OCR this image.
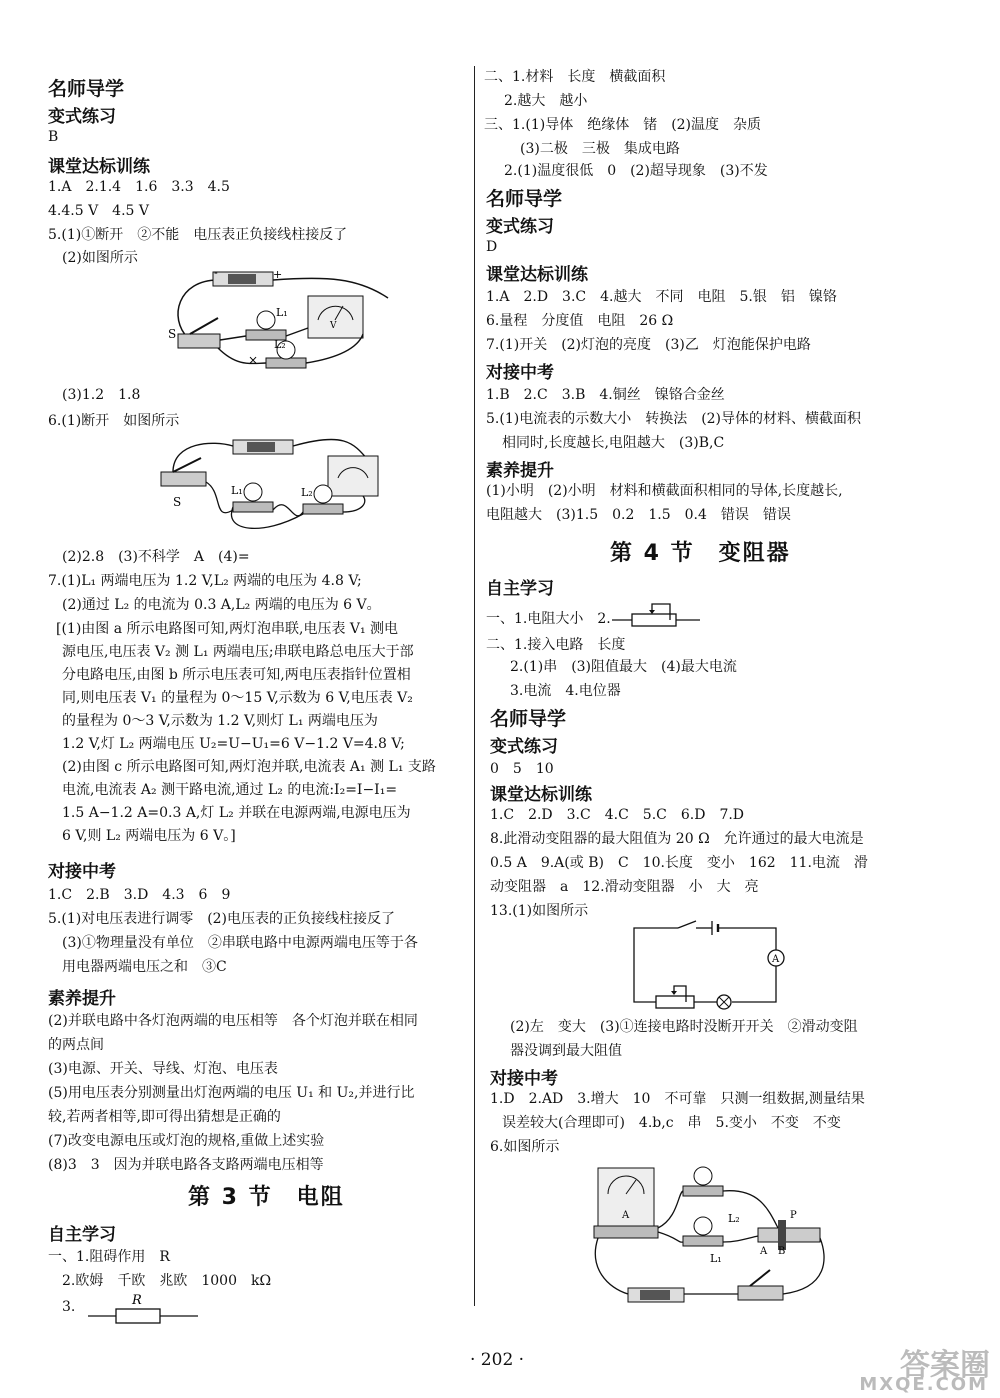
名师导学
变式练习
B
课堂达标训练
1.A　2.1.4　1.6　3.3　4.5
4.4.5 V　4.5 V
5.(1)①断开　②不能　电压表正负接线柱接反了
(2)如图所示
S
L₁
L₂
×
V
-	+
(3)1.2　1.8
6.(1)断开　如图所示
S
L₁	L₂
(2)2.8　(3)不科学　A　(4)=
7.(1)L₁ 两端电压为 1.2 V,L₂ 两端的电压为 4.8 V;
(2)通过 L₂ 的电流为 0.3 A,L₂ 两端的电压为 6 V。
[(1)由图 a 所示电路图可知,两灯泡串联,电压表 V₁ 测电
源电压,电压表 V₂ 测 L₁ 两端电压;串联电路总电压大于部
分电路电压,由图 b 所示电压表可知,两电压表指针位置相
同,则电压表 V₁ 的量程为 0～15 V,示数为 6 V,电压表 V₂
的量程为 0～3 V,示数为 1.2 V,则灯 L₁ 两端电压为
1.2 V,灯 L₂ 两端电压 U₂=U−U₁=6 V−1.2 V=4.8 V;
(2)由图 c 所示电路图可知,两灯泡并联,电流表 A₁ 测 L₁ 支路
电流,电流表 A₂ 测干路电流,通过 L₂ 的电流:I₂=I−I₁=
1.5 A−1.2 A=0.3 A,灯 L₂ 并联在电源两端,电源电压为
6 V,则 L₂ 两端电压为 6 V。]
对接中考
1.C　2.B　3.D　4.3　6　9
5.(1)对电压表进行调零　(2)电压表的正负接线柱接反了
(3)①物理量没有单位　②串联电路中电源两端电压等于各
用电器两端电压之和　③C
素养提升
(2)并联电路中各灯泡两端的电压相等　各个灯泡并联在相同
的两点间
(3)电源、开关、导线、灯泡、电压表
(5)用电压表分别测量出灯泡两端的电压 U₁ 和 U₂,并进行比
较,若两者相等,即可得出猜想是正确的
(7)改变电源电压或灯泡的规格,重做上述实验
(8)3　3　因为并联电路各支路两端电压相等
第 3 节　电阻
自主学习
一、1.阻碍作用　R
2.欧姆　千欧　兆欧　1000　kΩ
3.	R
二、1.材料　长度　横截面积
2.越大　越小
三、1.(1)导体　绝缘体　锗　(2)温度　杂质
(3)二极　三极　集成电路
2.(1)温度很低　0　(2)超导现象　(3)不发
名师导学
变式练习
D
课堂达标训练
1.A　2.D　3.C　4.越大　不同　电阻　5.银　铝　镍铬
6.量程　分度值　电阻　26 Ω
7.(1)开关　(2)灯泡的亮度　(3)乙　灯泡能保护电路
对接中考
1.B　2.C　3.B　4.铜丝　镍铬合金丝
5.(1)电流表的示数大小　转换法　(2)导体的材料、横截面积
相同时,长度越长,电阻越大　(3)B,C
素养提升
(1)小明　(2)小明　材料和横截面积相同的导体,长度越长,
电阻越大　(3)1.5　0.2　1.5　0.4　错误　错误
第 4 节　变阻器
自主学习
一、1.电阻大小　2.
二、1.接入电路　长度
2.(1)串　(3)阻值最大　(4)最大电流
3.电流　4.电位器
名师导学
变式练习
0　5　10
课堂达标训练
1.C　2.D　3.C　4.C　5.C　6.D　7.D
8.此滑动变阻器的最大阻值为 20 Ω　允许通过的最大电流是
0.5 A　9.A(或 B)　C　10.长度　变小　162　11.电流　滑
动变阻器　a　12.滑动变阻器　小　大　亮
13.(1)如图所示
A
(2)左　变大　(3)①连接电路时没断开开关　②滑动变阻
器没调到最大阻值
对接中考
1.D　2.AD　3.增大　10　不可靠　只测一组数据,测量结果
误差较大(合理即可)　4.b,c　串　5.变小　不变　不变
6.如图所示
A	L₂
L₁
P
A B
· 202 ·	答案圈
MXQE.COM
